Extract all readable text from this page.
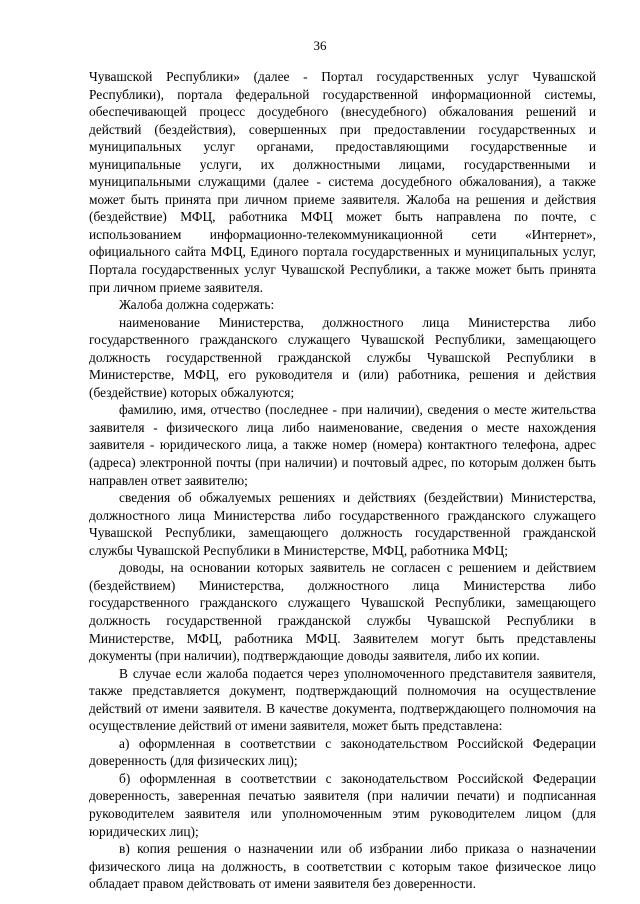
36

Чувашской Республики» (далее - Портал государственных услуг Чувашской Республики), портала федеральной государственной информационной системы, обеспечивающей процесс досудебного (внесудебного) обжалования решений и действий (бездействия), совершенных при предоставлении государственных и муниципальных услуг органами, предоставляющими государственные и муниципальные услуги, их должностными лицами, государственными и муниципальными служащими (далее - система досудебного обжалования), а также может быть принята при личном приеме заявителя. Жалоба на решения и действия (бездействие) МФЦ, работника МФЦ может быть направлена по почте, с использованием информационно-телекоммуникационной сети «Интернет», официального сайта МФЦ, Единого портала государственных и муниципальных услуг, Портала государственных услуг Чувашской Республики, а также может быть принята при личном приеме заявителя.

Жалоба должна содержать:

наименование Министерства, должностного лица Министерства либо государственного гражданского служащего Чувашской Республики, замещающего должность государственной гражданской службы Чувашской Республики в Министерстве, МФЦ, его руководителя и (или) работника, решения и действия (бездействие) которых обжалуются;

фамилию, имя, отчество (последнее - при наличии), сведения о месте жительства заявителя - физического лица либо наименование, сведения о месте нахождения заявителя - юридического лица, а также номер (номера) контактного телефона, адрес (адреса) электронной почты (при наличии) и почтовый адрес, по которым должен быть направлен ответ заявителю;

сведения об обжалуемых решениях и действиях (бездействии) Министерства, должностного лица Министерства либо государственного гражданского служащего Чувашской Республики, замещающего должность государственной гражданской службы Чувашской Республики в Министерстве, МФЦ, работника МФЦ;

доводы, на основании которых заявитель не согласен с решением и действием (бездействием) Министерства, должностного лица Министерства либо государственного гражданского служащего Чувашской Республики, замещающего должность государственной гражданской службы Чувашской Республики в Министерстве, МФЦ, работника МФЦ. Заявителем могут быть представлены документы (при наличии), подтверждающие доводы заявителя, либо их копии.

В случае если жалоба подается через уполномоченного представителя заявителя, также представляется документ, подтверждающий полномочия на осуществление действий от имени заявителя. В качестве документа, подтверждающего полномочия на осуществление действий от имени заявителя, может быть представлена:

а) оформленная в соответствии с законодательством Российской Федерации доверенность (для физических лиц);

б) оформленная в соответствии с законодательством Российской Федерации доверенность, заверенная печатью заявителя (при наличии печати) и подписанная руководителем заявителя или уполномоченным этим руководителем лицом (для юридических лиц);

в) копия решения о назначении или об избрании либо приказа о назначении физического лица на должность, в соответствии с которым такое физическое лицо обладает правом действовать от имени заявителя без доверенности.
